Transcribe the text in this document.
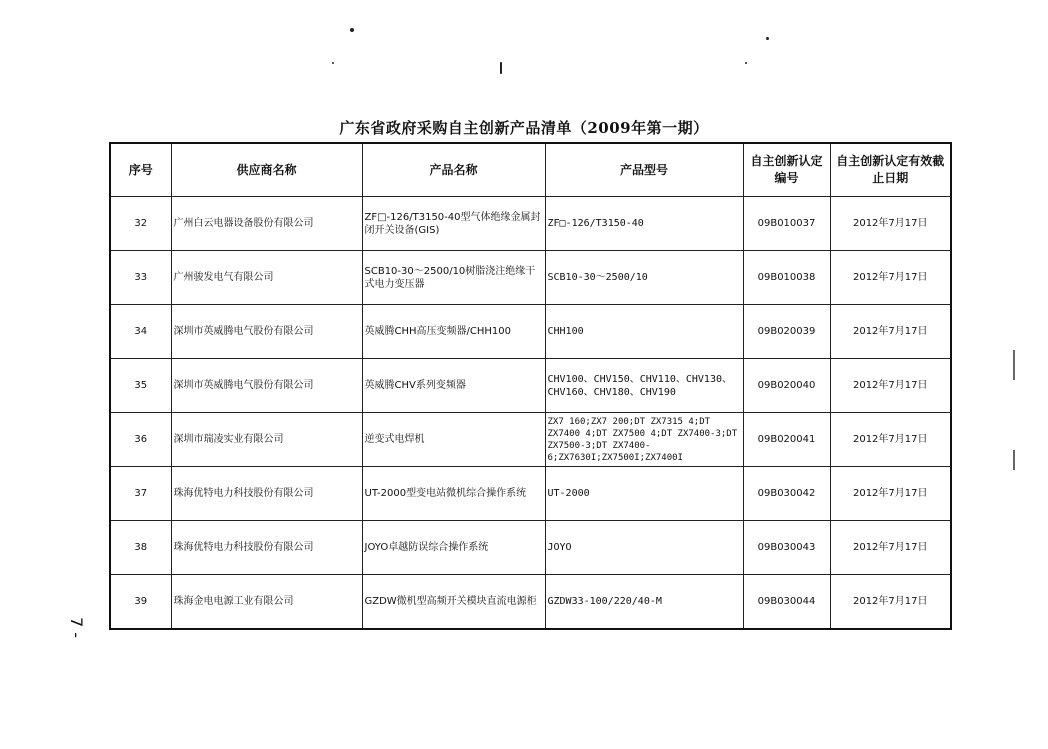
广东省政府采购自主创新产品清单（2009年第一期）
序号	供应商名称	产品名称	产品型号	自主创新认定编号	自主创新认定有效截止日期
32	广州白云电器设备股份有限公司	ZF□-126/T3150-40型气体绝缘金属封闭开关设备(GIS)	ZF□-126/T3150-40	09B010037	2012年7月17日
33	广州骏发电气有限公司	SCB10-30～2500/10树脂浇注绝缘干式电力变压器	SCB10-30～2500/10	09B010038	2012年7月17日
34	深圳市英威腾电气股份有限公司	英威腾CHH高压变频器/CHH100	CHH100	09B020039	2012年7月17日
35	深圳市英威腾电气股份有限公司	英威腾CHV系列变频器	CHV100、CHV150、CHV110、CHV130、CHV160、CHV180、CHV190	09B020040	2012年7月17日
36	深圳市瑞凌实业有限公司	逆变式电焊机	ZX7 160;ZX7 200;DT ZX7315 4;DT ZX7400 4;DT ZX7500 4;DT ZX7400-3;DT ZX7500-3;DT ZX7400-6;ZX7630I;ZX7500I;ZX7400I	09B020041	2012年7月17日
37	珠海优特电力科技股份有限公司	UT-2000型变电站微机综合操作系统	UT-2000	09B030042	2012年7月17日
38	珠海优特电力科技股份有限公司	JOYO卓越防误综合操作系统	JOYO	09B030043	2012年7月17日
39	珠海金电电源工业有限公司	GZDW微机型高频开关模块直流电源柜	GZDW33-100/220/40-M	09B030044	2012年7月17日
7 -
